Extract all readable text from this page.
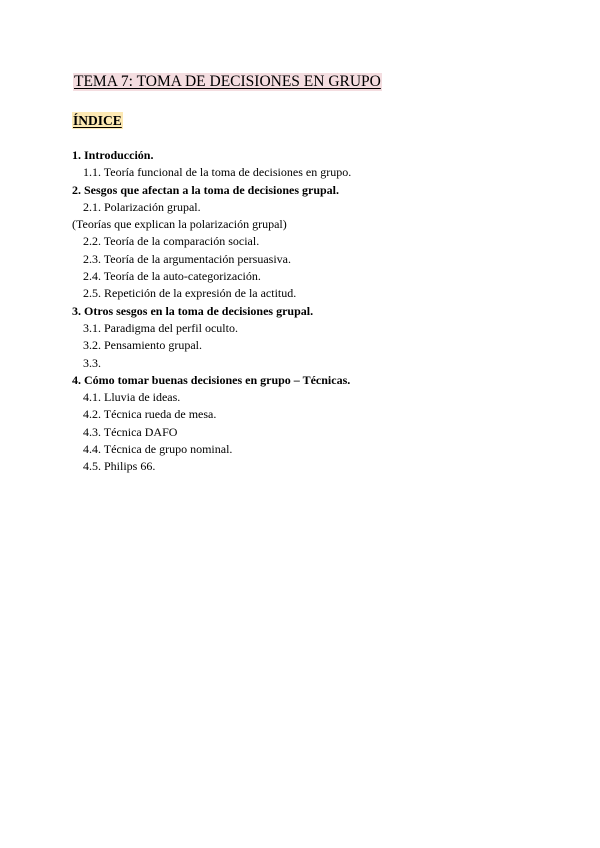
TEMA 7: TOMA DE DECISIONES EN GRUPO
ÍNDICE
1. Introducción.
1.1. Teoría funcional de la toma de decisiones en grupo.
2. Sesgos que afectan a la toma de decisiones grupal.
2.1. Polarización grupal.
(Teorías que explican la polarización grupal)
2.2. Teoría de la comparación social.
2.3. Teoría de la argumentación persuasiva.
2.4. Teoría de la auto-categorización.
2.5. Repetición de la expresión de la actitud.
3. Otros sesgos en la toma de decisiones grupal.
3.1. Paradigma del perfil oculto.
3.2. Pensamiento grupal.
3.3.
4. Cómo tomar buenas decisiones en grupo – Técnicas.
4.1. Lluvia de ideas.
4.2. Técnica rueda de mesa.
4.3. Técnica DAFO
4.4. Técnica de grupo nominal.
4.5. Philips 66.
